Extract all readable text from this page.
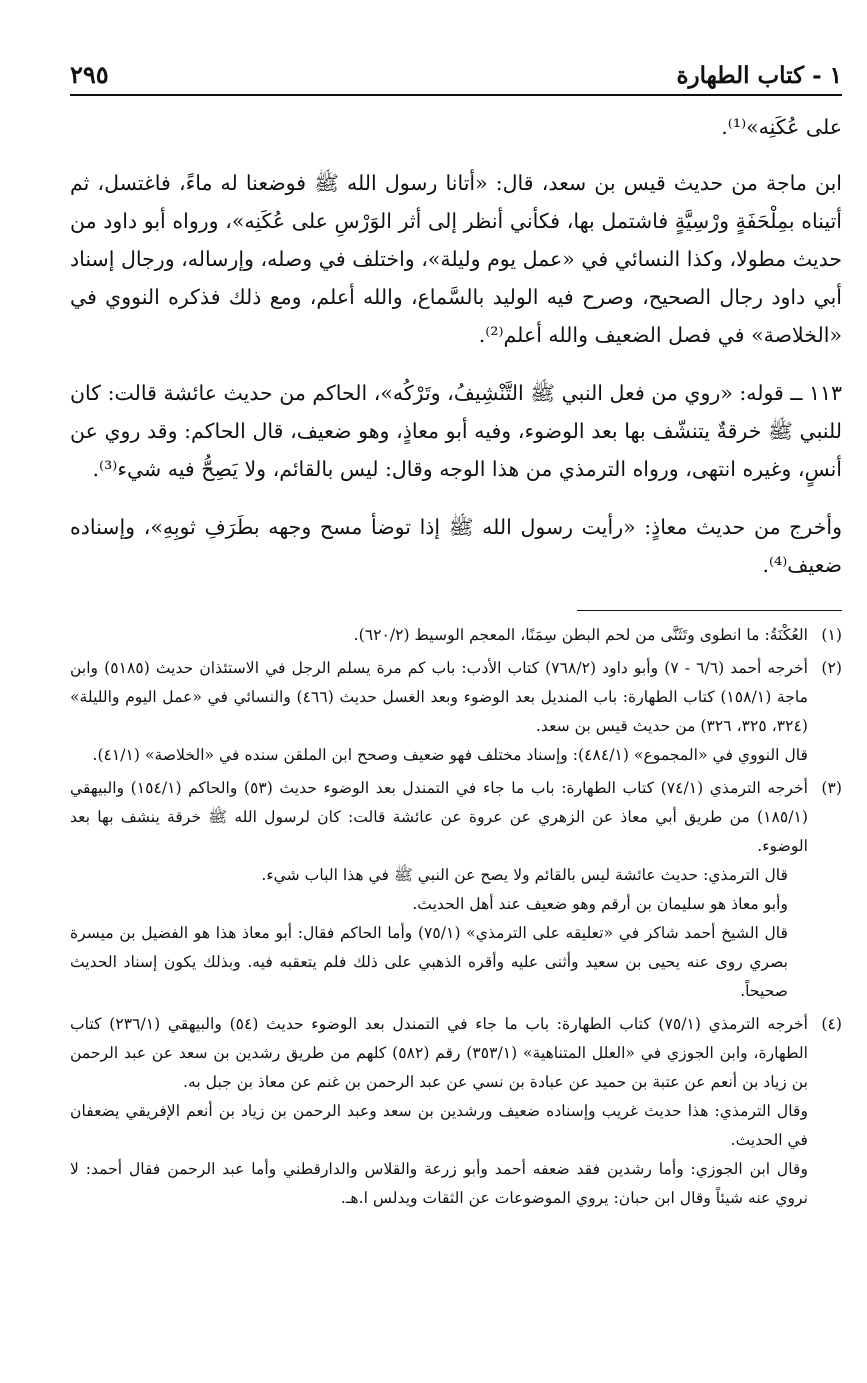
١ - كتاب الطهارة
٢٩٥

على عُكَنِه»⁽¹⁾.

ابن ماجة من حديث قيس بن سعد، قال: «أتانا رسول الله ﷺ فوضعنا له ماءً، فاغتسل، ثم أتيناه بمِلْحَفَةٍ ورْسِيَّةٍ فاشتمل بها، فكأني أنظر إلى أثر الوَرْسِ على عُكَنِه»، ورواه أبو داود من حديث مطولا، وكذا النسائي في «عمل يوم وليلة»، واختلف في وصله، وإرساله، ورجال إسناد أبي داود رجال الصحيح، وصرح فيه الوليد بالسَّماع، والله أعلم، ومع ذلك فذكره النووي في «الخلاصة» في فصل الضعيف والله أعلم⁽²⁾.

١١٣ ــ قوله: «روي من فعل النبي ﷺ التَّنْشِيفُ، وتَرْكُه»، الحاكم من حديث عائشة قالت: كان للنبي ﷺ خرقةٌ يتنشّف بها بعد الوضوء، وفيه أبو معاذٍ، وهو ضعيف، قال الحاكم: وقد روي عن أنسٍ، وغيره انتهى، ورواه الترمذي من هذا الوجه وقال: ليس بالقائم، ولا يَصِحُّ فيه شيء⁽³⁾.

وأخرج من حديث معاذٍ: «رأيت رسول الله ﷺ إذا توضأ مسح وجهه بطَرَفِ ثوبِهِ»، وإسناده ضعيف⁽⁴⁾.

(١)
العُكْنَةُ: ما انطوى وتَثَنَّى من لحم البطن سِمَنًا، المعجم الوسيط (٦٢٠/٢).
(٢)
أخرجه أحمد (٦/٦ - ٧) وأبو داود (٧٦٨/٢) كتاب الأدب: باب كم مرة يسلم الرجل في الاستئذان حديث (٥١٨٥) وابن ماجة (١٥٨/١) كتاب الطهارة: باب المنديل بعد الوضوء وبعد الغسل حديث (٤٦٦) والنسائي في «عمل اليوم والليلة» (٣٢٤، ٣٢٥، ٣٢٦) من حديث قيس بن سعد.
قال النووي في «المجموع» (٤٨٤/١): وإسناد مختلف فهو ضعيف وصحح ابن الملقن سنده في «الخلاصة» (٤١/١).
(٣)
أخرجه الترمذي (٧٤/١) كتاب الطهارة: باب ما جاء في التمندل بعد الوضوء حديث (٥٣) والحاكم (١٥٤/١) والبيهقي (١٨٥/١) من طريق أبي معاذ عن الزهري عن عروة عن عائشة قالت: كان لرسول الله ﷺ خرقة ينشف بها بعد الوضوء.
قال الترمذي: حديث عائشة ليس بالقائم ولا يصح عن النبي ﷺ في هذا الباب شيء.
وأبو معاذ هو سليمان بن أرقم وهو ضعيف عند أهل الحديث.
قال الشيخ أحمد شاكر في «تعليقه على الترمذي» (٧٥/١) وأما الحاكم فقال: أبو معاذ هذا هو الفضيل بن ميسرة بصري روى عنه يحيى بن سعيد وأثنى عليه وأقره الذهبي على ذلك فلم يتعقبه فيه. وبذلك يكون إسناد الحديث صحيحاً.
(٤)
أخرجه الترمذي (٧٥/١) كتاب الطهارة: باب ما جاء في التمندل بعد الوضوء حديث (٥٤) والبيهقي (٢٣٦/١) كتاب الطهارة، وابن الجوزي في «العلل المتناهية» (٣٥٣/١) رقم (٥٨٢) كلهم من طريق رشدين بن سعد عن عبد الرحمن بن زياد بن أنعم عن عتبة بن حميد عن عبادة بن نسي عن عبد الرحمن بن غنم عن معاذ بن جبل به.
وقال الترمذي: هذا حديث غريب وإسناده ضعيف ورشدين بن سعد وعبد الرحمن بن زياد بن أنعم الإفريقي يضعفان في الحديث.
وقال ابن الجوزي: وأما رشدين فقد ضعفه أحمد وأبو زرعة والقلاس والدارقطني وأما عبد الرحمن فقال أحمد: لا نروي عنه شيئاً وقال ابن حبان: يروي الموضوعات عن الثقات ويدلس ا.هـ.
